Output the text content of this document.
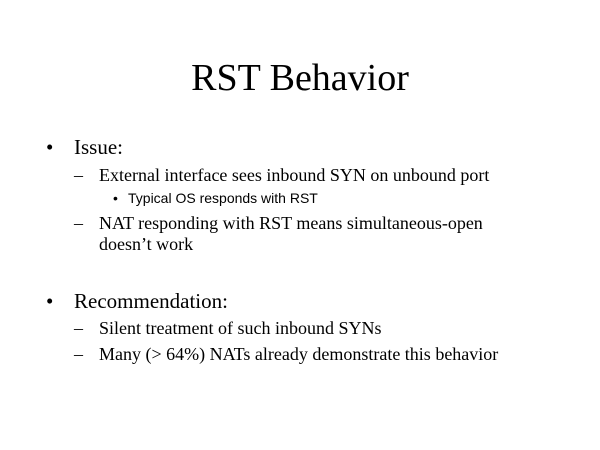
RST Behavior
• Issue:
– External interface sees inbound SYN on unbound port
• Typical OS responds with RST
– NAT responding with RST means simultaneous-open
doesn’t work
• Recommendation:
– Silent treatment of such inbound SYNs
– Many (> 64%) NATs already demonstrate this behavior
